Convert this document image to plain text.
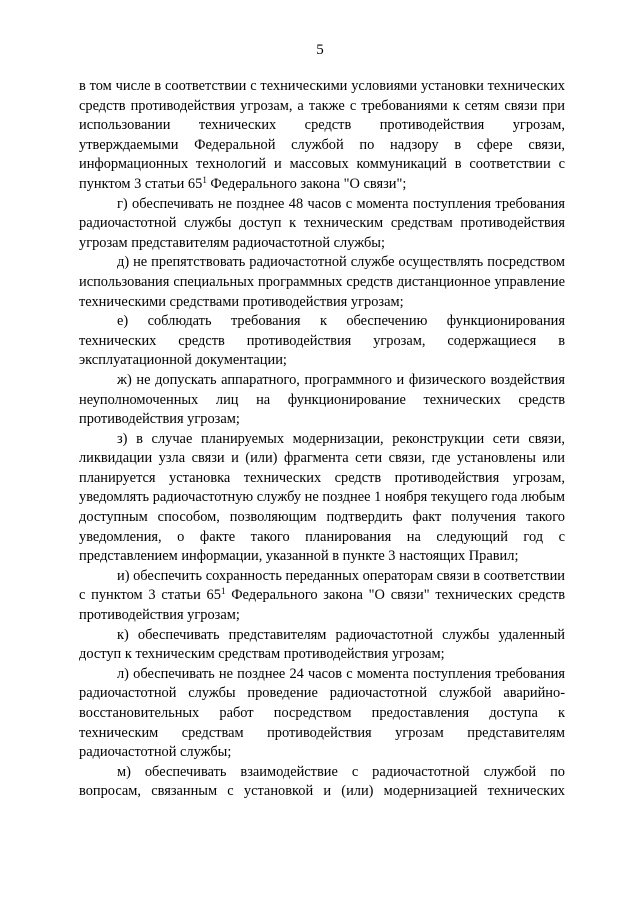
5

в том числе в соответствии с техническими условиями установки технических средств противодействия угрозам, а также с требованиями к сетям связи при использовании технических средств противодействия угрозам, утверждаемыми Федеральной службой по надзору в сфере связи, информационных технологий и массовых коммуникаций в соответствии с пунктом 3 статьи $65^1$ Федерального закона "О связи";

г) обеспечивать не позднее 48 часов с момента поступления требования радиочастотной службы доступ к техническим средствам противодействия угрозам представителям радиочастотной службы;

д) не препятствовать радиочастотной службе осуществлять посредством использования специальных программных средств дистанционное управление техническими средствами противодействия угрозам;

е) соблюдать требования к обеспечению функционирования технических средств противодействия угрозам, содержащиеся в эксплуатационной документации;

ж) не допускать аппаратного, программного и физического воздействия неуполномоченных лиц на функционирование технических средств противодействия угрозам;

з) в случае планируемых модернизации, реконструкции сети связи, ликвидации узла связи и (или) фрагмента сети связи, где установлены или планируется установка технических средств противодействия угрозам, уведомлять радиочастотную службу не позднее 1 ноября текущего года любым доступным способом, позволяющим подтвердить факт получения такого уведомления, о факте такого планирования на следующий год с представлением информации, указанной в пункте 3 настоящих Правил;

и) обеспечить сохранность переданных операторам связи в соответствии с пунктом 3 статьи $65^1$ Федерального закона "О связи" технических средств противодействия угрозам;

к) обеспечивать представителям радиочастотной службы удаленный доступ к техническим средствам противодействия угрозам;

л) обеспечивать не позднее 24 часов с момента поступления требования радиочастотной службы проведение радиочастотной службой аварийно-восстановительных работ посредством предоставления доступа к техническим средствам противодействия угрозам представителям радиочастотной службы;

м) обеспечивать взаимодействие с радиочастотной службой по вопросам, связанным с установкой и (или) модернизацией технических
